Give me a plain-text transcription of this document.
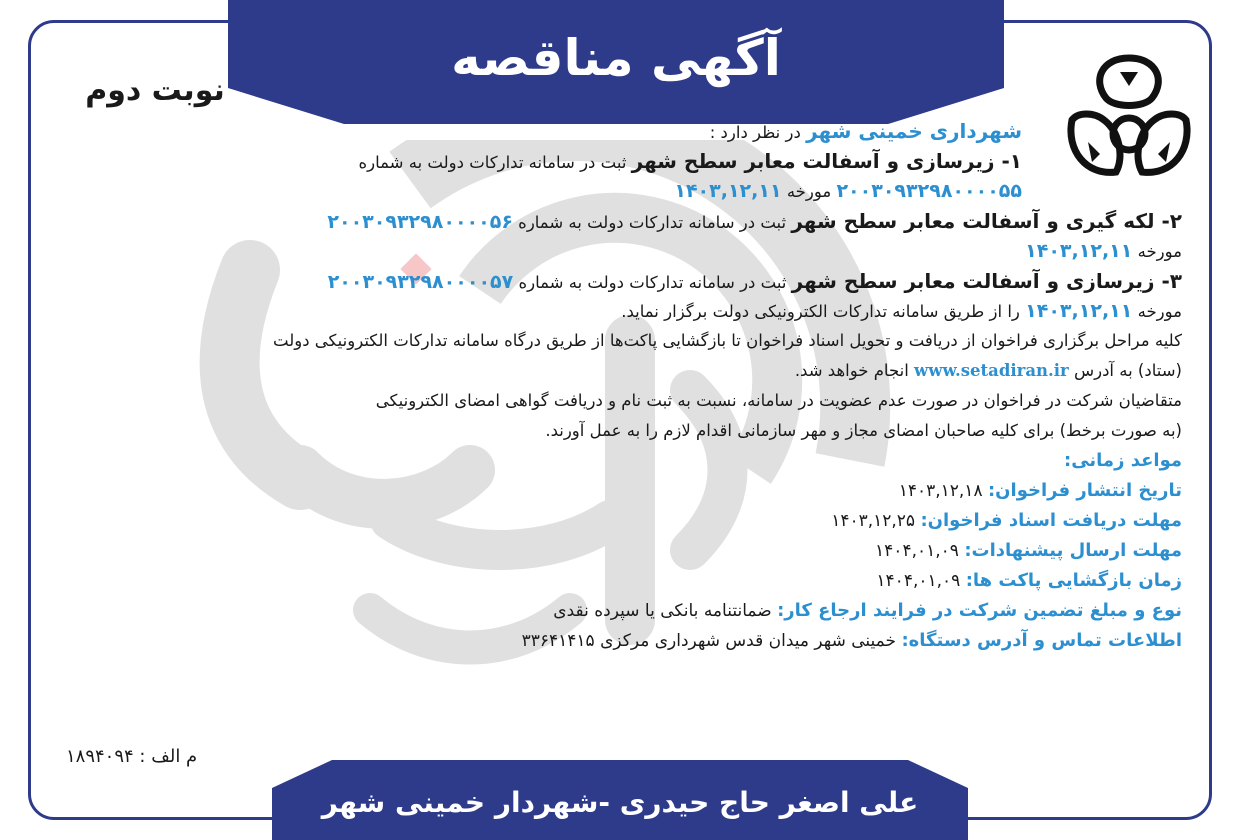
آگهی مناقصه
نوبت دوم
شهرداری خمینی شهر در نظر دارد :
۱- زیرسازی و آسفالت معابر سطح شهر ثبت در سامانه تدارکات دولت به شماره
۲۰۰۳۰۹۳۲۹۸۰۰۰۰۵۵ مورخه ۱۴۰۳,۱۲,۱۱
۲- لکه گیری و آسفالت معابر سطح شهر ثبت در سامانه تدارکات دولت به شماره ۲۰۰۳۰۹۳۲۹۸۰۰۰۰۵۶
مورخه ۱۴۰۳,۱۲,۱۱
۳- زیرسازی و آسفالت معابر سطح شهر ثبت در سامانه تدارکات دولت به شماره ۲۰۰۳۰۹۳۲۹۸۰۰۰۰۵۷
مورخه ۱۴۰۳,۱۲,۱۱ را از طریق سامانه تدارکات الکترونیکی دولت برگزار نماید.
کلیه مراحل برگزاری فراخوان از دریافت و تحویل اسناد فراخوان تا بازگشایی پاکت‌ها از طریق درگاه سامانه تدارکات الکترونیکی دولت
(ستاد) به آدرس www.setadiran.ir انجام خواهد شد.
متقاضیان شرکت در فراخوان در صورت عدم عضویت در سامانه، نسبت به ثبت نام و دریافت گواهی امضای الکترونیکی
(به صورت برخط) برای کلیه صاحبان امضای مجاز و مهر سازمانی اقدام لازم را به عمل آورند.
مواعد زمانی:
تاریخ انتشار فراخوان: ۱۴۰۳,۱۲,۱۸
مهلت دریافت اسناد فراخوان: ۱۴۰۳,۱۲,۲۵
مهلت ارسال پیشنهادات: ۱۴۰۴,۰۱,۰۹
زمان بازگشایی پاکت ها: ۱۴۰۴,۰۱,۰۹
نوع و مبلغ تضمین شرکت در فرایند ارجاع کار: ضمانتنامه بانکی یا سپرده نقدی
اطلاعات تماس و آدرس دستگاه: خمینی شهر میدان قدس شهرداری مرکزی ۳۳۶۴۱۴۱۵
م الف : ۱۸۹۴۰۹۴
علی اصغر حاج حیدری -شهردار خمینی شهر
